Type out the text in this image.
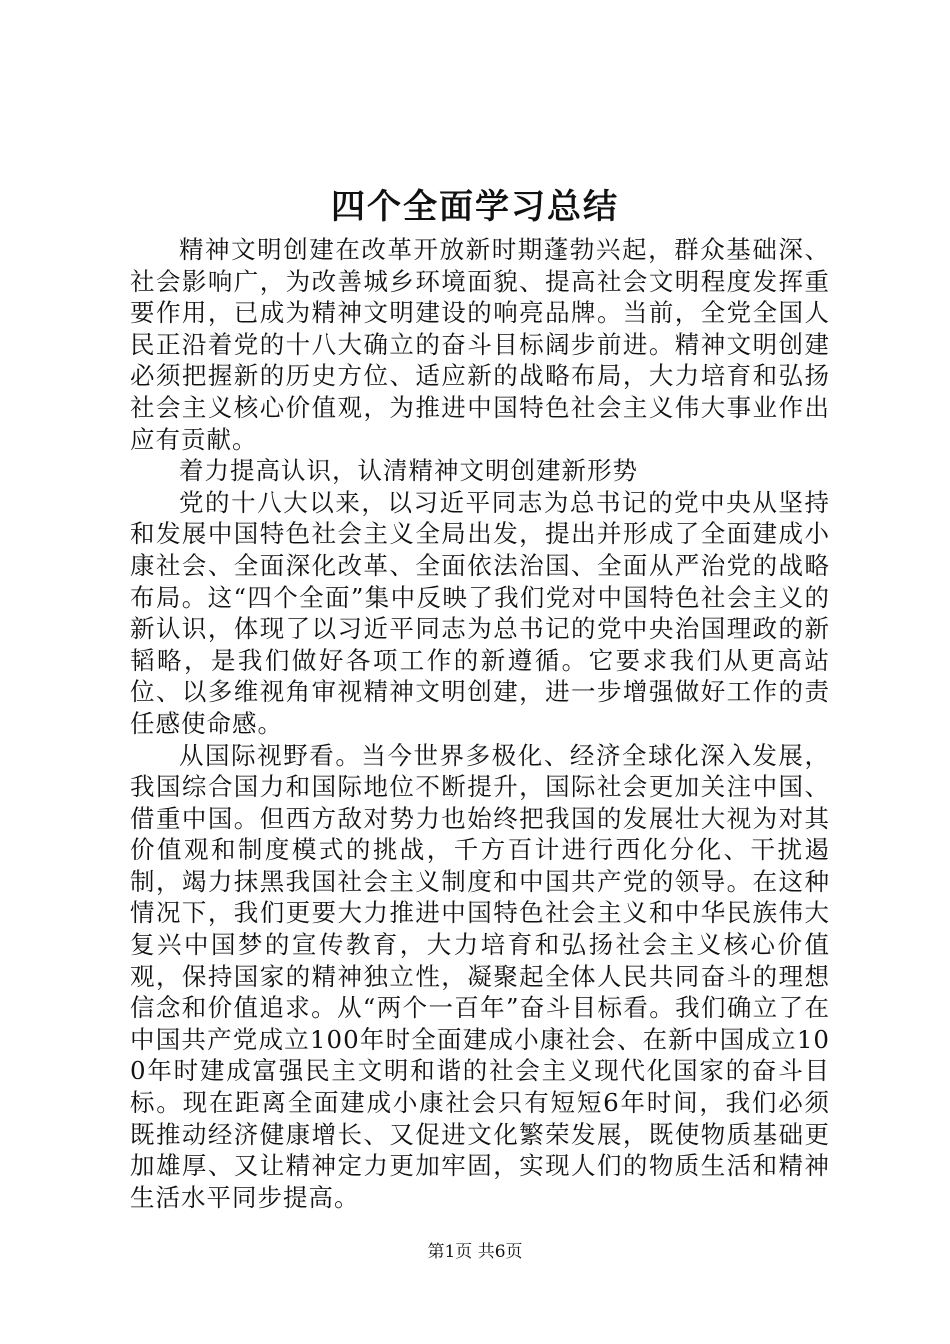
四个全面学习总结

精神文明创建在改革开放新时期蓬勃兴起，群众基础深、社会影响广，为改善城乡环境面貌、提高社会文明程度发挥重要作用，已成为精神文明建设的响亮品牌。当前，全党全国人民正沿着党的十八大确立的奋斗目标阔步前进。精神文明创建必须把握新的历史方位、适应新的战略布局，大力培育和弘扬社会主义核心价值观，为推进中国特色社会主义伟大事业作出应有贡献。

着力提高认识，认清精神文明创建新形势

党的十八大以来，以习近平同志为总书记的党中央从坚持和发展中国特色社会主义全局出发，提出并形成了全面建成小康社会、全面深化改革、全面依法治国、全面从严治党的战略布局。这“四个全面”集中反映了我们党对中国特色社会主义的新认识，体现了以习近平同志为总书记的党中央治国理政的新韬略，是我们做好各项工作的新遵循。它要求我们从更高站位、以多维视角审视精神文明创建，进一步增强做好工作的责任感使命感。

从国际视野看。当今世界多极化、经济全球化深入发展，我国综合国力和国际地位不断提升，国际社会更加关注中国、借重中国。但西方敌对势力也始终把我国的发展壮大视为对其价值观和制度模式的挑战，千方百计进行西化分化、干扰遏制，竭力抹黑我国社会主义制度和中国共产党的领导。在这种情况下，我们更要大力推进中国特色社会主义和中华民族伟大复兴中国梦的宣传教育，大力培育和弘扬社会主义核心价值观，保持国家的精神独立性，凝聚起全体人民共同奋斗的理想信念和价值追求。从“两个一百年”奋斗目标看。我们确立了在中国共产党成立100年时全面建成小康社会、在新中国成立100年时建成富强民主文明和谐的社会主义现代化国家的奋斗目标。现在距离全面建成小康社会只有短短6年时间，我们必须既推动经济健康增长、又促进文化繁荣发展，既使物质基础更加雄厚、又让精神定力更加牢固，实现人们的物质生活和精神生活水平同步提高。

第1页 共6页
